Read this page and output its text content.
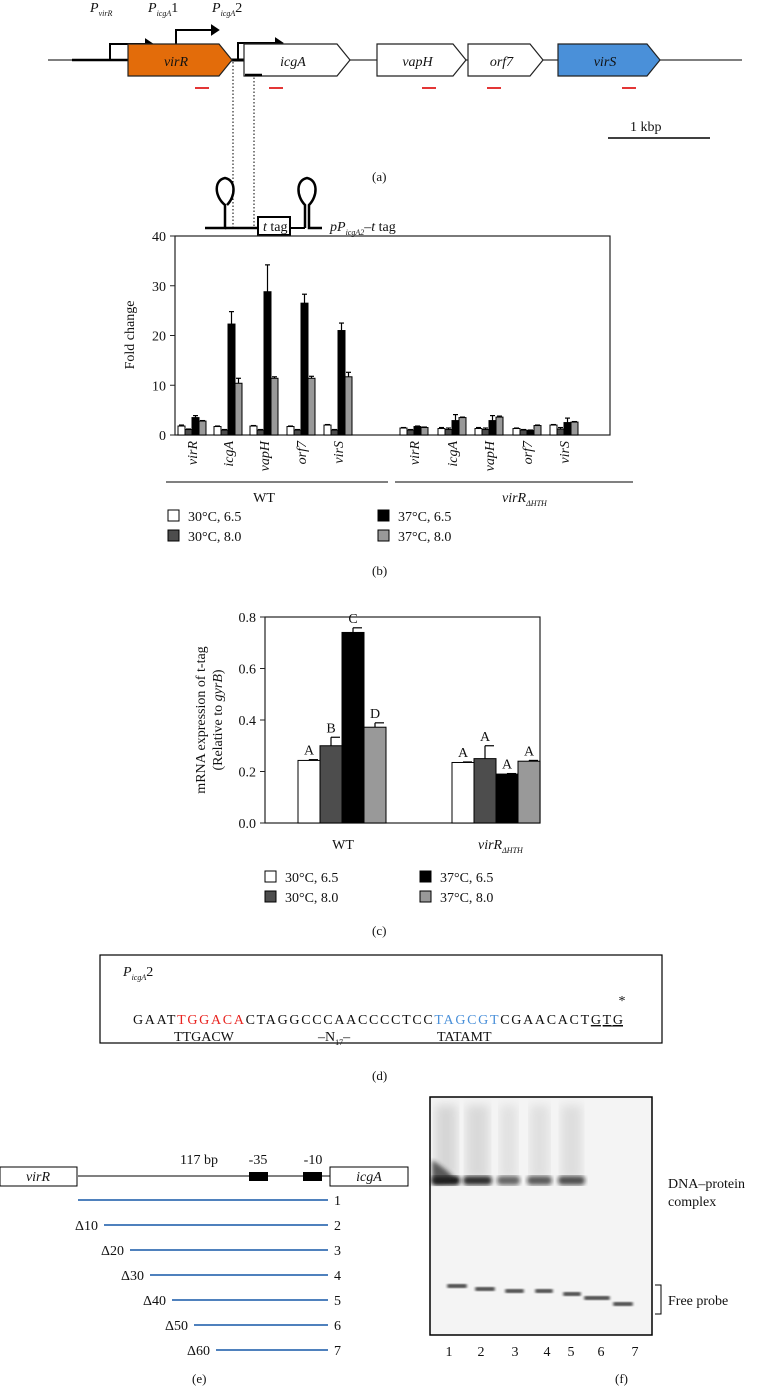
$P_{virR}$	$P_{icgA}1$ $P_{icgA}2$
virR	icgA	vapH	orf7	virS
t tag	$pP_{icgA2}-t$ tag
1 kbp
(a)
0
10
20
30
40
Fold change
virR icgA vapH orf7 virS	virR icgA vapH orf7 virS
WT	virR$_{\Delta HTH}$
30°C, 6.5
30°C, 8.0
37°C, 6.5
37°C, 8.0
(b)
0.0
0.2
0.4
0.6
0.8
mRNA expression of t-tag (Relative to gyrB)
A	A
B
A
C
A
D
A
WT	virR$_{\Delta HTH}$
30°C, 6.5
30°C, 8.0
37°C, 6.5
37°C, 8.0
(c)
$P_{icgA}2$
GAAT TGGACA CTAGGCCCAACCCCTCC TAGCGT CGAACACT GTG
*
TTGACW	$-N_{17}-$	TATAMT
(d)
virR	icgA
117 bp -35	-10
1
Δ10	2
Δ20	3
Δ30	4
Δ40	5
Δ50	6
Δ60	7
(e)
1 2 3 4 5 6 7
DNA–protein
complex
Free probe
(f)
